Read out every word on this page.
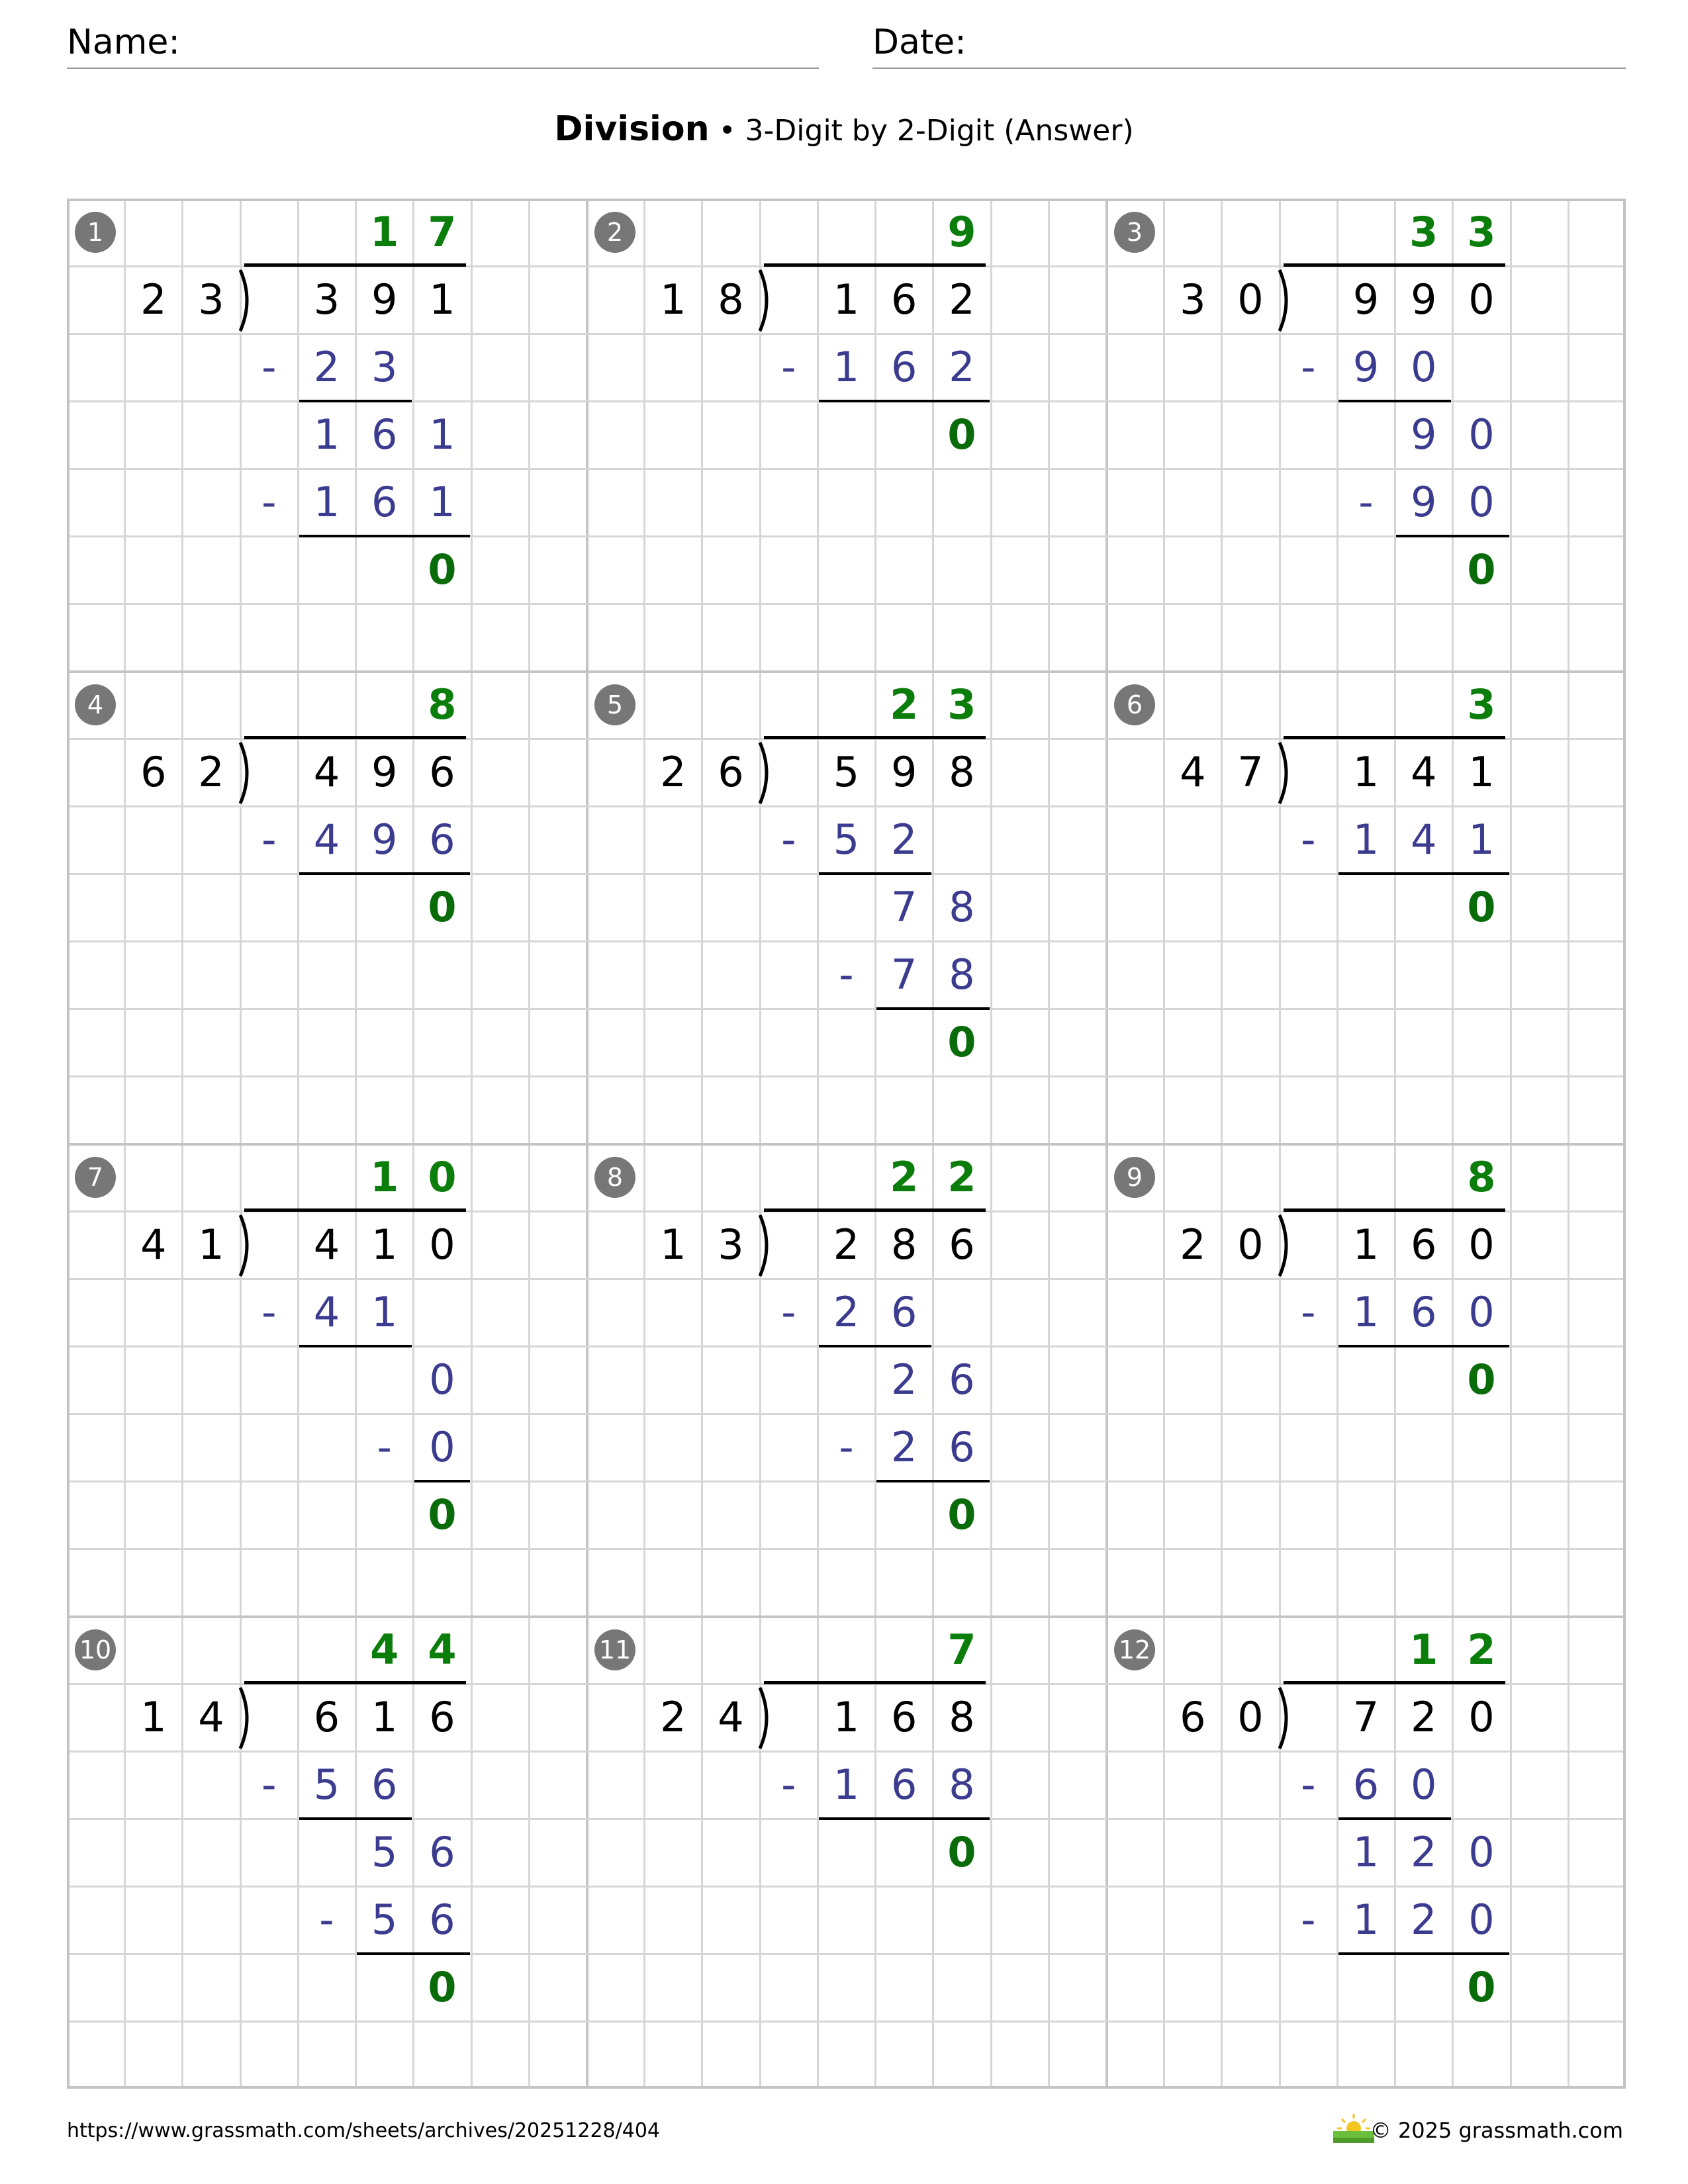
Name:	Date:
Division • 3-Digit by 2-Digit (Answer)
1	1 7
2 3	3 9 1
2 3
-
1 6 1
1 6 1
-
0
2	9
1 8	1 6 2
1 6 2
-
0
3	3 3
3 0	9 9 0
9 0
-
9 0
9 0
-
0
4	8
6 2	4 9 6
4 9 6
-
0
5	2 3
2 6	5 9 8
5 2
-
7 8
7 8
-
0
6	3
4 7	1 4 1
1 4 1
-
0
7	1 0
4 1	4 1 0
4 1
-
0
0
-
0
8	2 2
1 3	2 8 6
2 6
-
2 6
2 6
-
0
9	8
2 0	1 6 0
1 6 0
-
0
10	4 4
1 4	6 1 6
5 6
-
5 6
5 6
-
0
11	7
2 4	1 6 8
1 6 8
-
0
12	1 2
6 0	7 2 0
6 0
-
1 2 0
1 2 0
-
0
https://www.grassmath.com/sheets/archives/20251228/404	© 2025 grassmath.com
